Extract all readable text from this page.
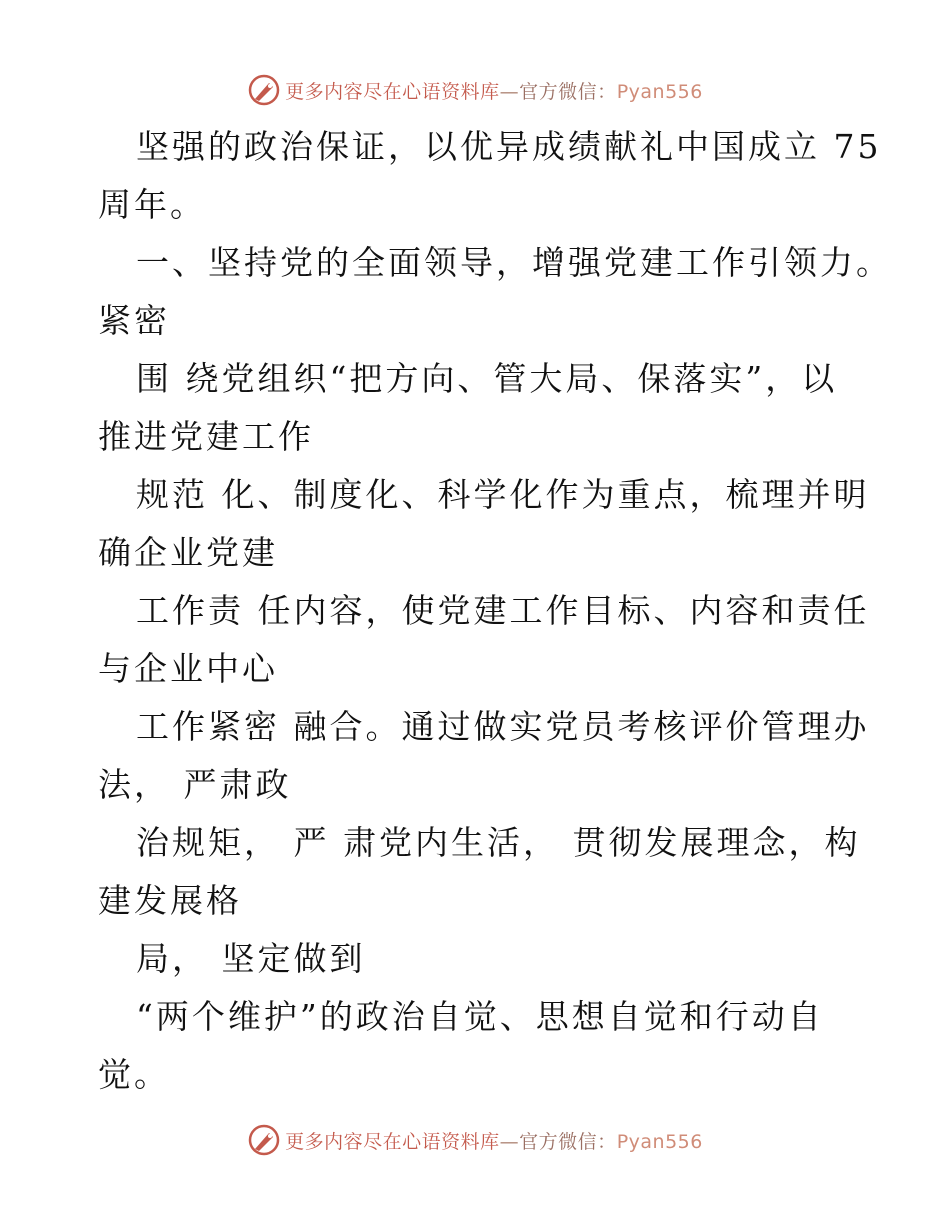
更多内容尽在心语资料库—官方微信：Pyan556
坚强的政治保证，以优异成绩献礼中国成立 75
周年。
一、坚持党的全面领导，增强党建工作引领力。
紧密
围 绕党组织“把方向、管大局、保落实”，以
推进党建工作
规范 化、制度化、科学化作为重点，梳理并明
确企业党建
工作责 任内容，使党建工作目标、内容和责任
与企业中心
工作紧密 融合。通过做实党员考核评价管理办
法， 严肃政
治规矩， 严 肃党内生活， 贯彻发展理念，构
建发展格
局， 坚定做到
“两个维护”的政治自觉、思想自觉和行动自
觉。
更多内容尽在心语资料库—官方微信：Pyan556
